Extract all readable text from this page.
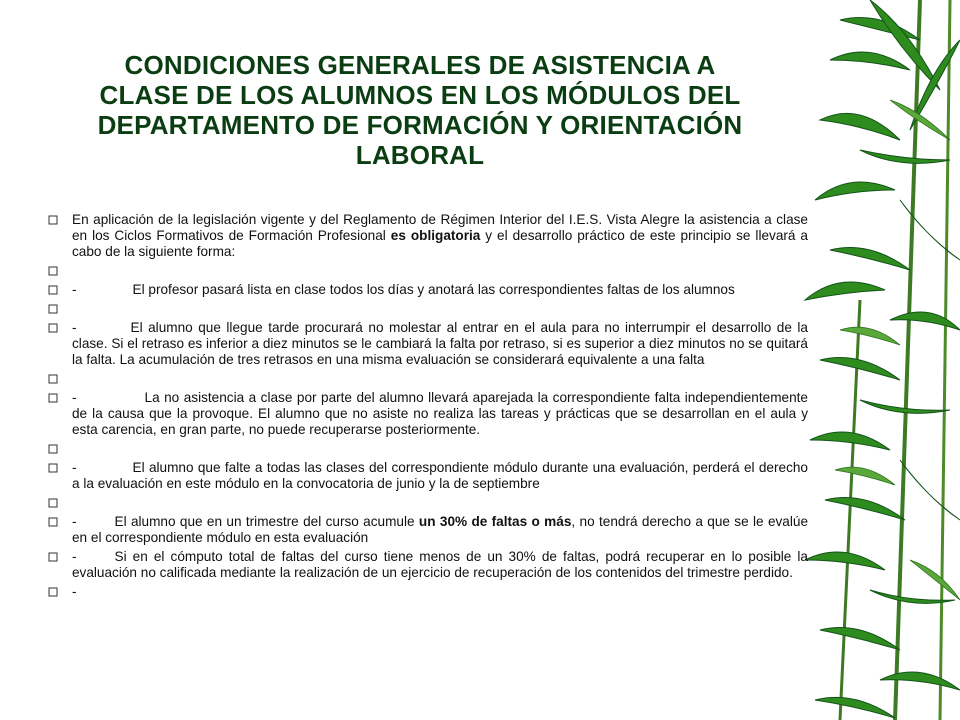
CONDICIONES GENERALES DE ASISTENCIA A
CLASE DE LOS ALUMNOS EN LOS MÓDULOS DEL
DEPARTAMENTO DE FORMACIÓN Y ORIENTACIÓN
LABORAL
En aplicación de la legislación vigente y del Reglamento de Régimen Interior del I.E.S. Vista Alegre la asistencia a clase en los Ciclos Formativos de Formación Profesional es obligatoria y el desarrollo práctico de este principio se llevará a cabo de la siguiente forma:
-	El profesor pasará lista en clase todos los días y anotará las correspondientes faltas de los alumnos
-	El alumno que llegue tarde procurará no molestar al entrar en el aula para no interrumpir el desarrollo de la clase. Si el retraso es inferior a diez minutos se le cambiará la falta por retraso, si es superior a diez minutos no se quitará la falta. La acumulación de tres retrasos en una misma evaluación se considerará equivalente a una falta
-	La no asistencia a clase por parte del alumno llevará aparejada la correspondiente falta independientemente de la causa que la provoque. El alumno que no asiste no realiza las tareas y prácticas que se desarrollan en el aula y esta carencia, en gran parte, no puede recuperarse posteriormente.
-	El alumno que falte a todas las clases del correspondiente módulo durante una evaluación, perderá el derecho a la evaluación en este módulo en la convocatoria de junio y la de septiembre
-	El alumno que en un trimestre del curso acumule un 30% de faltas o más, no tendrá derecho a que se le evalúe en el correspondiente módulo en esta evaluación
-	Si en el cómputo total de faltas del curso tiene menos de un 30% de faltas, podrá recuperar en lo posible la evaluación no calificada mediante la realización de un ejercicio de recuperación de los contenidos del trimestre perdido.
-
